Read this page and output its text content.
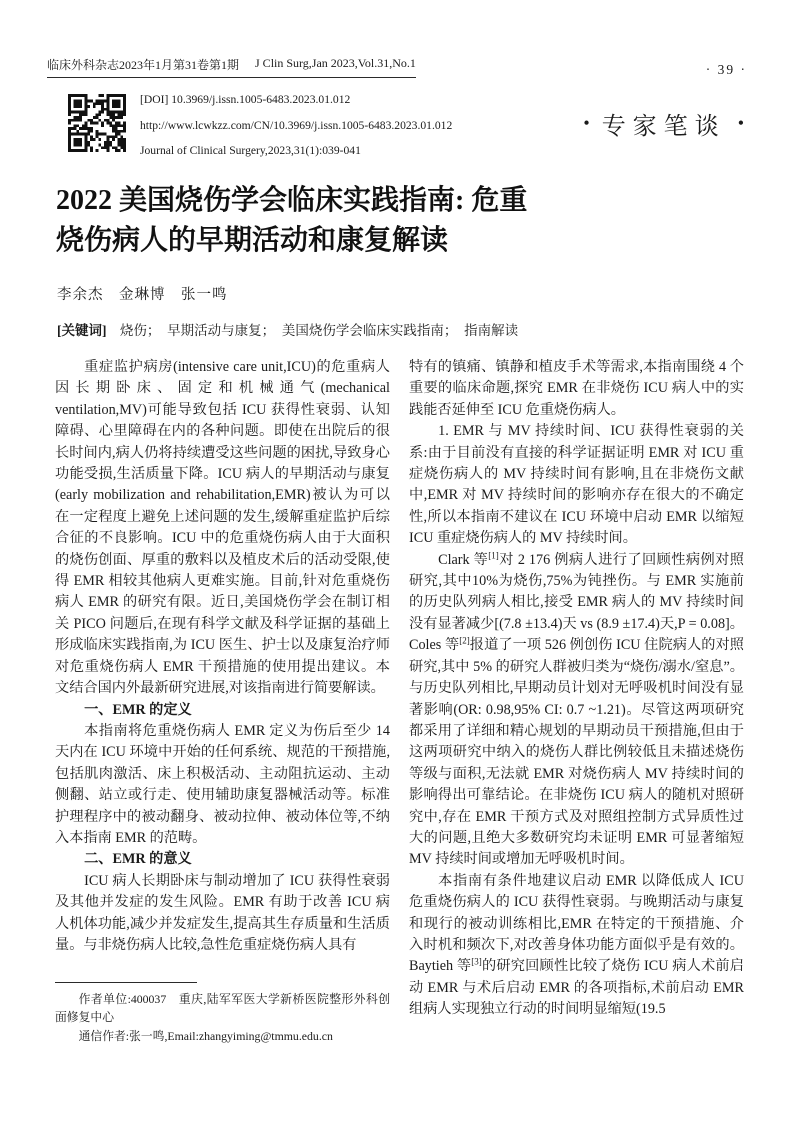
临床外科杂志2023年1月第31卷第1期 J Clin Surg,Jan 2023,Vol.31,No.1	· 39 ·
[DOI] 10.3969/j.issn.1005-6483.2023.01.012
http://www.lcwkzz.com/CN/10.3969/j.issn.1005-6483.2023.01.012
Journal of Clinical Surgery,2023,31(1):039-041
• 专家笔谈 •
2022 美国烧伤学会临床实践指南: 危重
烧伤病人的早期活动和康复解读
李余杰　金琳博　张一鸣
[关键词] 烧伤；　早期活动与康复；　美国烧伤学会临床实践指南；　指南解读

重症监护病房(intensive care unit,ICU)的危重病人因长期卧床、固定和机械通气(mechanical ventilation,MV)可能导致包括 ICU 获得性衰弱、认知障碍、心里障碍在内的各种问题。即使在出院后的很长时间内,病人仍将持续遭受这些问题的困扰,导致身心功能受损,生活质量下降。ICU 病人的早期活动与康复(early mobilization and rehabilitation,EMR)被认为可以在一定程度上避免上述问题的发生,缓解重症监护后综合征的不良影响。ICU 中的危重烧伤病人由于大面积的烧伤创面、厚重的敷料以及植皮术后的活动受限,使得 EMR 相较其他病人更难实施。目前,针对危重烧伤病人 EMR 的研究有限。近日,美国烧伤学会在制订相关 PICO 问题后,在现有科学文献及科学证据的基础上形成临床实践指南,为 ICU 医生、护士以及康复治疗师对危重烧伤病人 EMR 干预措施的使用提出建议。本文结合国内外最新研究进展,对该指南进行简要解读。

一、EMR 的定义

本指南将危重烧伤病人 EMR 定义为伤后至少 14 天内在 ICU 环境中开始的任何系统、规范的干预措施,包括肌肉激活、床上积极活动、主动阻抗运动、主动侧翻、站立或行走、使用辅助康复器械活动等。标准护理程序中的被动翻身、被动拉伸、被动体位等,不纳入本指南 EMR 的范畴。

二、EMR 的意义

ICU 病人长期卧床与制动增加了 ICU 获得性衰弱及其他并发症的发生风险。EMR 有助于改善 ICU 病人机体功能,减少并发症发生,提高其生存质量和生活质量。与非烧伤病人比较,急性危重症烧伤病人具有

作者单位:400037　重庆,陆军军医大学新桥医院整形外科创面修复中心

通信作者:张一鸣,Email:zhangyiming@tmmu.edu.cn

特有的镇痛、镇静和植皮手术等需求,本指南围绕 4 个重要的临床命题,探究 EMR 在非烧伤 ICU 病人中的实践能否延伸至 ICU 危重烧伤病人。

1. EMR 与 MV 持续时间、ICU 获得性衰弱的关系:由于目前没有直接的科学证据证明 EMR 对 ICU 重症烧伤病人的 MV 持续时间有影响,且在非烧伤文献中,EMR 对 MV 持续时间的影响亦存在很大的不确定性,所以本指南不建议在 ICU 环境中启动 EMR 以缩短 ICU 重症烧伤病人的 MV 持续时间。

Clark 等[1]对 2 176 例病人进行了回顾性病例对照研究,其中10%为烧伤,75%为钝挫伤。与 EMR 实施前的历史队列病人相比,接受 EMR 病人的 MV 持续时间没有显著减少[(7.8 ±13.4)天 vs (8.9 ±17.4)天,P = 0.08]。Coles 等[2]报道了一项 526 例创伤 ICU 住院病人的对照研究,其中 5% 的研究人群被归类为“烧伤/溺水/窒息”。与历史队列相比,早期动员计划对无呼吸机时间没有显著影响(OR: 0.98,95% CI: 0.7 ~1.21)。尽管这两项研究都采用了详细和精心规划的早期动员干预措施,但由于这两项研究中纳入的烧伤人群比例较低且未描述烧伤等级与面积,无法就 EMR 对烧伤病人 MV 持续时间的影响得出可靠结论。在非烧伤 ICU 病人的随机对照研究中,存在 EMR 干预方式及对照组控制方式异质性过大的问题,且绝大多数研究均未证明 EMR 可显著缩短 MV 持续时间或增加无呼吸机时间。

本指南有条件地建议启动 EMR 以降低成人 ICU 危重烧伤病人的 ICU 获得性衰弱。与晚期活动与康复和现行的被动训练相比,EMR 在特定的干预措施、介入时机和频次下,对改善身体功能方面似乎是有效的。Baytieh 等[3]的研究回顾性比较了烧伤 ICU 病人术前启动 EMR 与术后启动 EMR 的各项指标,术前启动 EMR 组病人实现独立行动的时间明显缩短(19.5
